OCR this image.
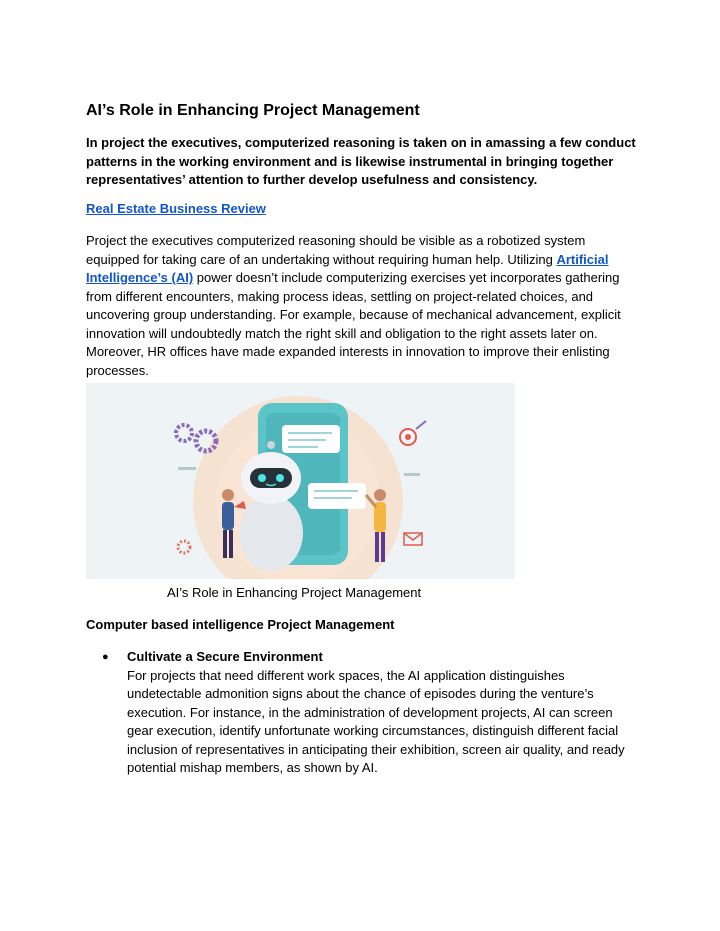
AI’s Role in Enhancing Project Management

In project the executives, computerized reasoning is taken on in amassing a few conduct patterns in the working environment and is likewise instrumental in bringing together representatives’ attention to further develop usefulness and consistency.

Real Estate Business Review

Project the executives computerized reasoning should be visible as a robotized system equipped for taking care of an undertaking without requiring human help. Utilizing Artificial Intelligence’s (AI) power doesn’t include computerizing exercises yet incorporates gathering from different encounters, making process ideas, settling on project-related choices, and uncovering group understanding. For example, because of mechanical advancement, explicit innovation will undoubtedly match the right skill and obligation to the right assets later on. Moreover, HR offices have made expanded interests in innovation to improve their enlisting processes.

AI’s Role in Enhancing Project Management

Computer based intelligence Project Management
● Cultivate a Secure Environment
For projects that need different work spaces, the AI application distinguishes undetectable admonition signs about the chance of episodes during the venture’s execution. For instance, in the administration of development projects, AI can screen gear execution, identify unfortunate working circumstances, distinguish different facial inclusion of representatives in anticipating their exhibition, screen air quality, and ready potential mishap members, as shown by AI.
